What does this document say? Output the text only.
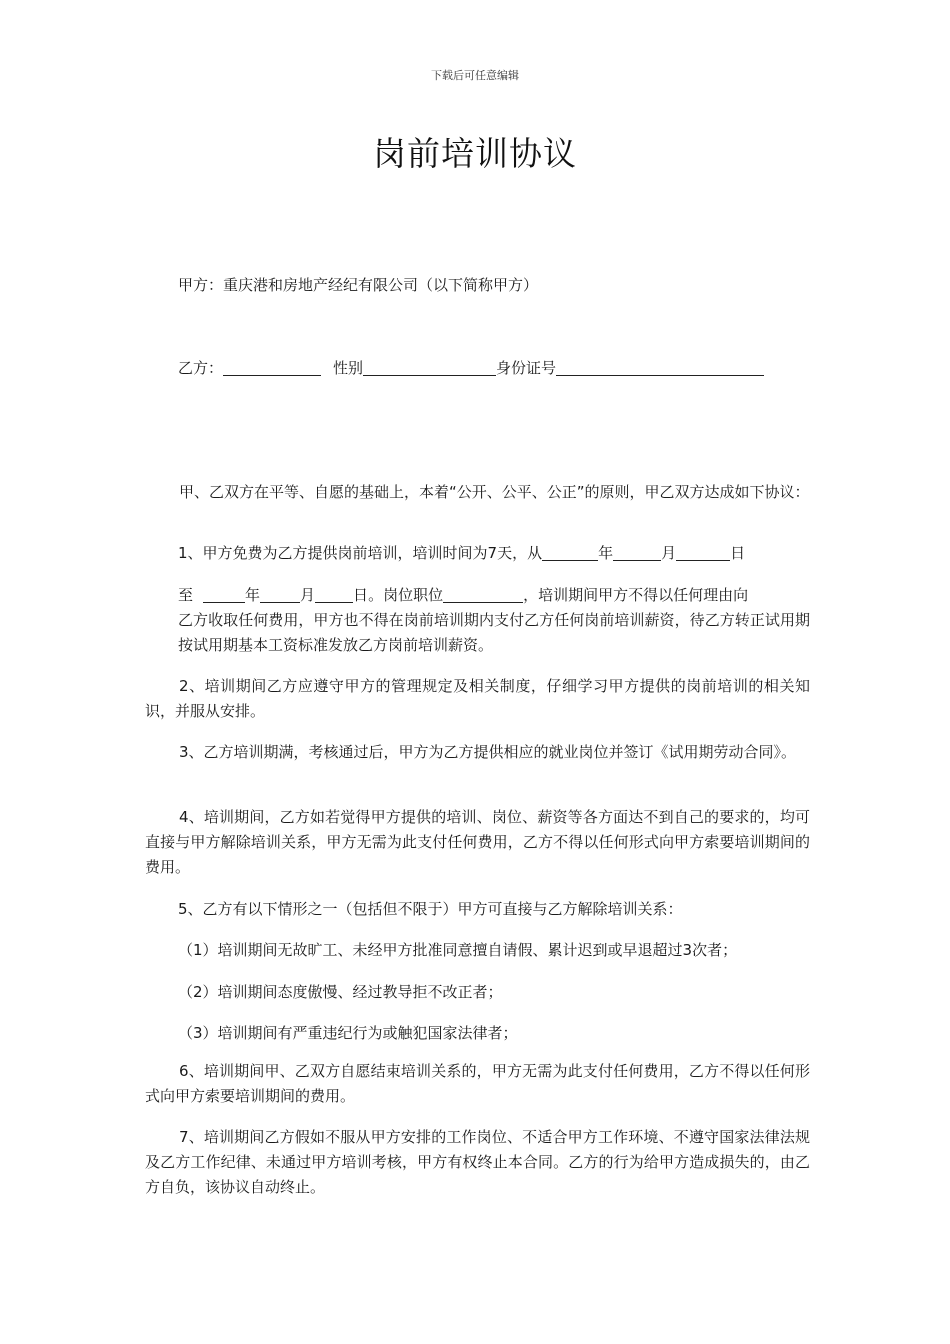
下载后可任意编辑
岗前培训协议
甲方：重庆港和房地产经纪有限公司（以下简称甲方）
乙方：	性别	身份证号
甲、乙双方在平等、自愿的基础上，本着“公开、公平、公正”的原则，甲乙双方达成如下协议：
1、甲方免费为乙方提供岗前培训，培训时间为7天，从	年	月	日
至	年	月	日。岗位职位	，培训期间甲方不得以任何理由向
乙方收取任何费用，甲方也不得在岗前培训期内支付乙方任何岗前培训薪资，待乙方转正试用期按试用期基本工资标准发放乙方岗前培训薪资。
2、培训期间乙方应遵守甲方的管理规定及相关制度，仔细学习甲方提供的岗前培训的相关知识，并服从安排。
3、乙方培训期满，考核通过后，甲方为乙方提供相应的就业岗位并签订《试用期劳动合同》。
4、培训期间，乙方如若觉得甲方提供的培训、岗位、薪资等各方面达不到自己的要求的，均可直接与甲方解除培训关系，甲方无需为此支付任何费用，乙方不得以任何形式向甲方索要培训期间的费用。
5、乙方有以下情形之一（包括但不限于）甲方可直接与乙方解除培训关系：
（1）培训期间无故旷工、未经甲方批准同意擅自请假、累计迟到或早退超过3次者；
（2）培训期间态度傲慢、经过教导拒不改正者；
（3）培训期间有严重违纪行为或触犯国家法律者；
6、培训期间甲、乙双方自愿结束培训关系的，甲方无需为此支付任何费用，乙方不得以任何形式向甲方索要培训期间的费用。
7、培训期间乙方假如不服从甲方安排的工作岗位、不适合甲方工作环境、不遵守国家法律法规及乙方工作纪律、未通过甲方培训考核，甲方有权终止本合同。乙方的行为给甲方造成损失的，由乙方自负，该协议自动终止。
